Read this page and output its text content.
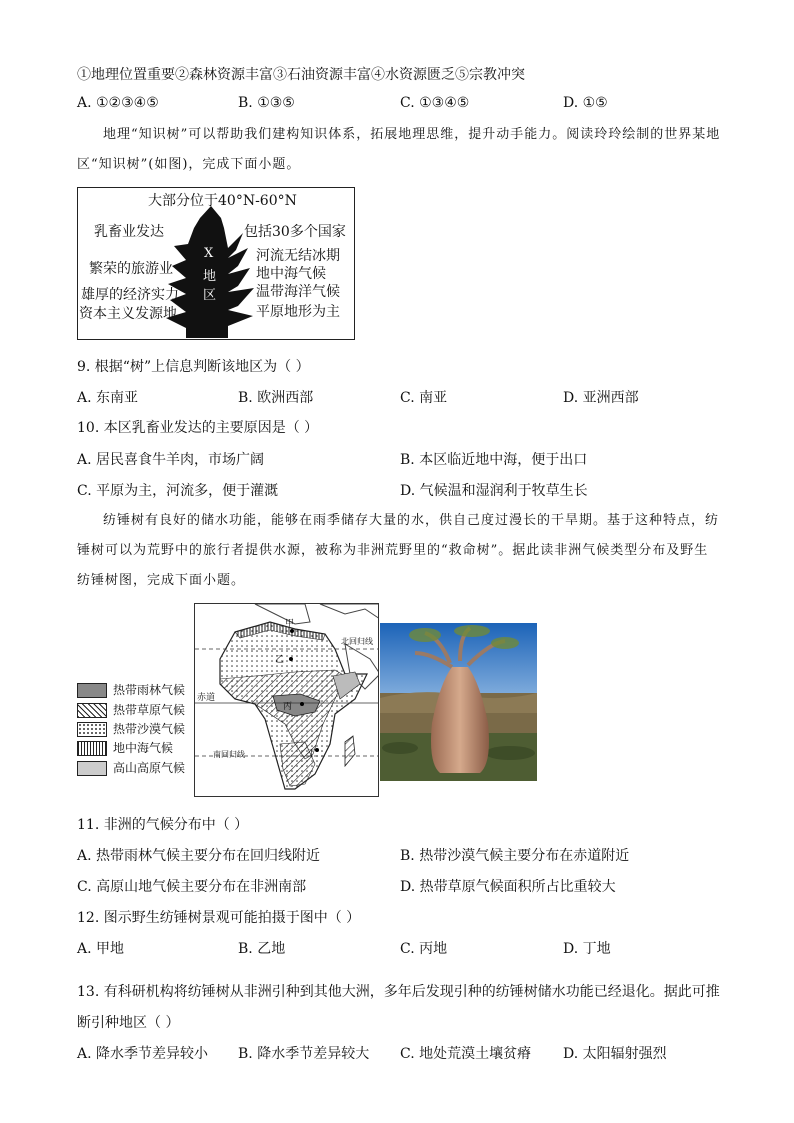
①地理位置重要②森林资源丰富③石油资源丰富④水资源匮乏⑤宗教冲突
A. ①②③④⑤	B. ①③⑤	C. ①③④⑤	D. ①⑤
地理“知识树”可以帮助我们建构知识体系，拓展地理思维，提升动手能力。阅读玲玲绘制的世界某地区“知识树”(如图)，完成下面小题。
大部分位于40°N-60°N
X
地
区
乳畜业发达
繁荣的旅游业
雄厚的经济实力
资本主义发源地
包括30多个国家
河流无结冰期
地中海气候
温带海洋气候
平原地形为主
9. 根据“树”上信息判断该地区为（ ）
A. 东南亚	B. 欧洲西部	C. 南亚	D. 亚洲西部
10. 本区乳畜业发达的主要原因是（ ）
A. 居民喜食牛羊肉，市场广阔	B. 本区临近地中海，便于出口
C. 平原为主，河流多，便于灌溉	D. 气候温和湿润利于牧草生长
纺锤树有良好的储水功能，能够在雨季储存大量的水，供自己度过漫长的干旱期。基于这种特点，纺锤树可以为荒野中的旅行者提供水源，被称为非洲荒野里的“救命树”。据此读非洲气候类型分布及野生纺锤树图，完成下面小题。
甲
乙
丙
丁
北回归线
赤道
南回归线
热带雨林气候
热带草原气候
热带沙漠气候
地中海气候
高山高原气候
11. 非洲的气候分布中（ ）
A. 热带雨林气候主要分布在回归线附近	B. 热带沙漠气候主要分布在赤道附近
C. 高原山地气候主要分布在非洲南部	D. 热带草原气候面积所占比重较大
12. 图示野生纺锤树景观可能拍摄于图中（ ）
A. 甲地	B. 乙地	C. 丙地	D. 丁地
13. 有科研机构将纺锤树从非洲引种到其他大洲，多年后发现引种的纺锤树储水功能已经退化。据此可推
断引种地区（ ）
A. 降水季节差异较小 B. 降水季节差异较大 C. 地处荒漠土壤贫瘠 D. 太阳辐射强烈
